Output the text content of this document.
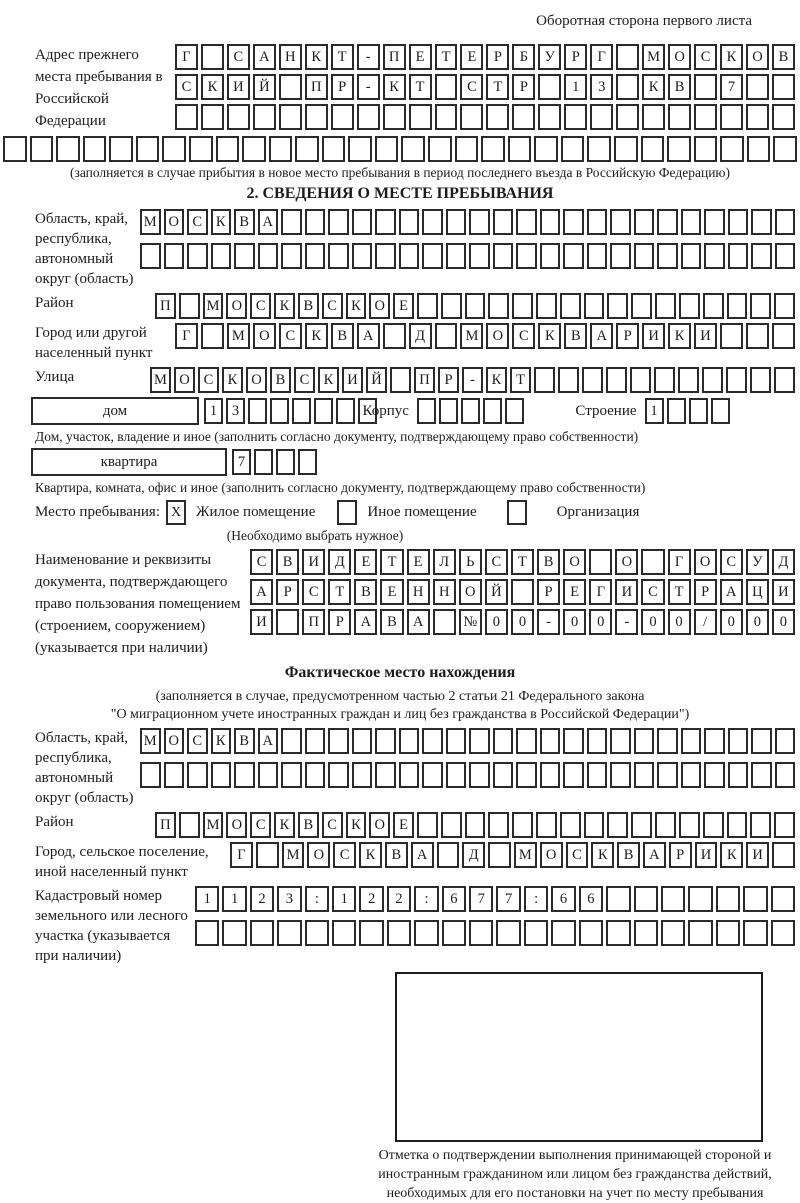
Оборотная сторона первого листа
Адрес прежнего места пребывания в Российской Федерации
Г	С	А	Н	К	Т	-	П	Е	Т	Е	Р	Б	У	Р	Г	М О	С	К	О	В
С	К	И	Й	П	Р	-	К	Т	С	Т	Р	1	3	К	В	7
(заполняется в случае прибытия в новое место пребывания в период последнего въезда в Российскую Федерацию)
2. СВЕДЕНИЯ О МЕСТЕ ПРЕБЫВАНИЯ
Область, край, республика, автономный округ (область)
М О С К В А
Район	П	М О С К В С К О Е
Город или другой населенный пункт
Г	М О	С	К	В	А	Д	М О	С	К	В	А	Р	И	К	И
Улица	М О С К О В С К И Й	П	Р	-	К	Т
дом	1	3	Корпус	Строение 1
Дом, участок, владение и иное (заполнить согласно документу, подтверждающему право собственности)
квартира	7
Квартира, комната, офис и иное (заполнить согласно документу, подтверждающему право собственности)
Место пребывания: X Жилое помещение	Иное помещение	Организация
(Необходимо выбрать нужное)
Наименование и реквизиты документа, подтверждающего право пользования помещением (строением, сооружением) (указывается при наличии)
С	В	И	Д	Е	Т	Е	Л	Ь	С	Т	В	О	О	Г	О	С	У	Д
А	Р	С	Т	В	Е	Н	Н	О	Й	Р	Е	Г	И	С	Т	Р	А	Ц	И
И	П	Р	А	В	А	№	0	0	-	0	0	-	0	0	/	0	0	0
Фактическое место нахождения
(заполняется в случае, предусмотренном частью 2 статьи 21 Федерального закона
"О миграционном учете иностранных граждан и лиц без гражданства в Российской Федерации")
Область, край, республика, автономный округ (область)
М О С К В А
Район	П	М О С К В С К О Е
Город, сельское поселение, иной населенный пункт
Г	М О	С	К	В	А	Д	М О	С	К	В	А	Р	И	К	И
Кадастровый номер земельного или лесного участка (указывается при наличии)
1	1	2	3	:	1	2	2	:	6	7	7	:	6	6
Отметка о подтверждении выполнения принимающей стороной и иностранным гражданином или лицом без гражданства действий, необходимых для его постановки на учет по месту пребывания
